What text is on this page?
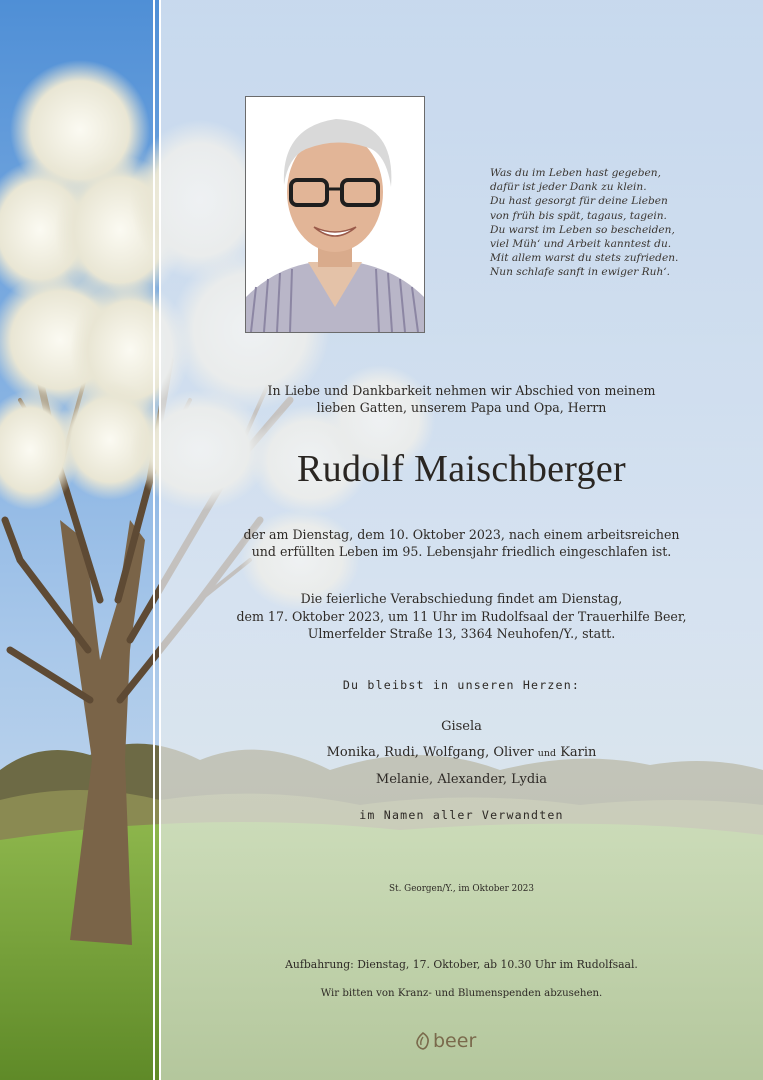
Was du im Leben hast gegeben,
dafür ist jeder Dank zu klein.
Du hast gesorgt für deine Lieben
von früh bis spät, tagaus, tagein.
Du warst im Leben so bescheiden,
viel Müh‘ und Arbeit kanntest du.
Mit allem warst du stets zufrieden.
Nun schlafe sanft in ewiger Ruh‘.
In Liebe und Dankbarkeit nehmen wir Abschied von meinem
lieben Gatten, unserem Papa und Opa, Herrn
Rudolf Maischberger
der am Dienstag, dem 10. Oktober 2023, nach einem arbeitsreichen
und erfüllten Leben im 95. Lebensjahr friedlich eingeschlafen ist.
Die feierliche Verabschiedung findet am Dienstag,
dem 17. Oktober 2023, um 11 Uhr im Rudolfsaal der Trauerhilfe Beer,
Ulmerfelder Straße 13, 3364 Neuhofen/Y., statt.
Du bleibst in unseren Herzen:
Gisela
Monika, Rudi, Wolfgang, Oliver und Karin
Melanie, Alexander, Lydia
im Namen aller Verwandten
St. Georgen/Y., im Oktober 2023
Aufbahrung: Dienstag, 17. Oktober, ab 10.30 Uhr im Rudolfsaal.
Wir bitten von Kranz- und Blumenspenden abzusehen.
beer
